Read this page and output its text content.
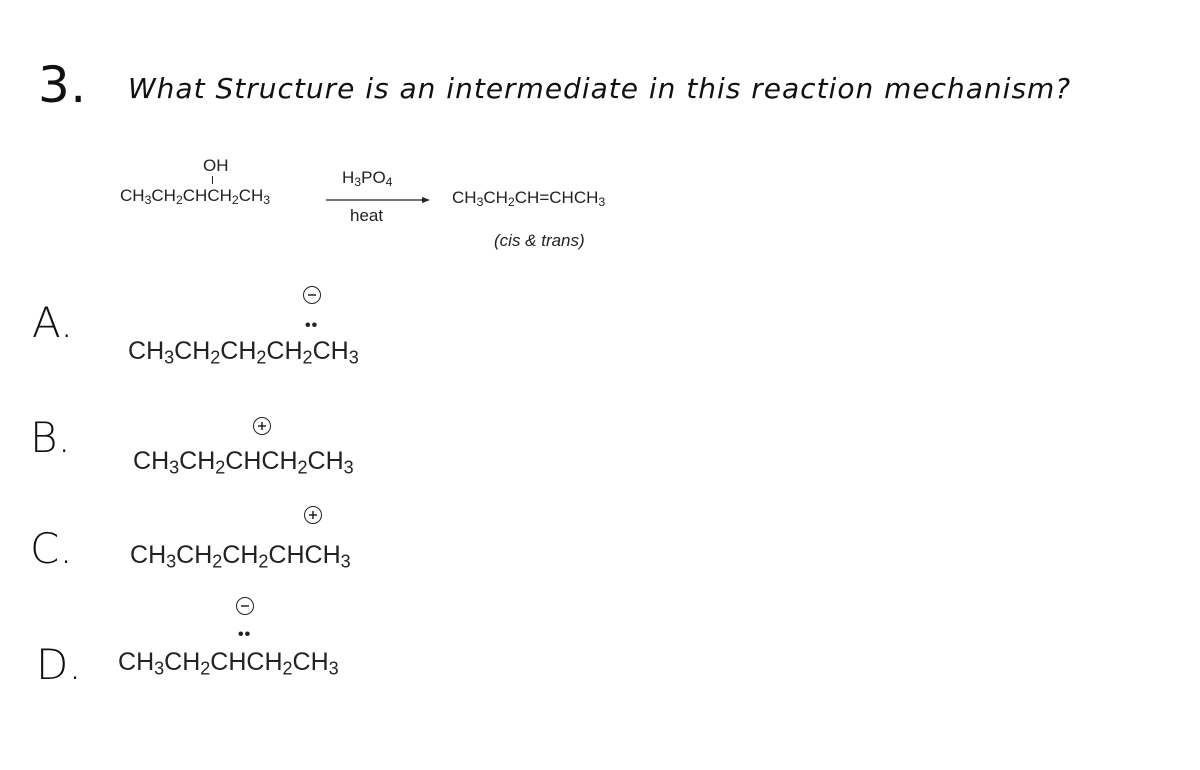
3. What Structure is an intermediate in this reaction mechanism?
OH
$CH_3CH_2CHCH_2CH_3$
$H_3PO_4$
heat
$CH_3CH_2CH=CHCH_3$
(cis & trans)
A.	••
$CH_3CH_2CH_2CH_2CH_3$
B. $CH_3CH_2CHCH_2CH_3$
C. $CH_3CH_2CH_2CHCH_3$
D.
••
$CH_3CH_2CHCH_2CH_3$
